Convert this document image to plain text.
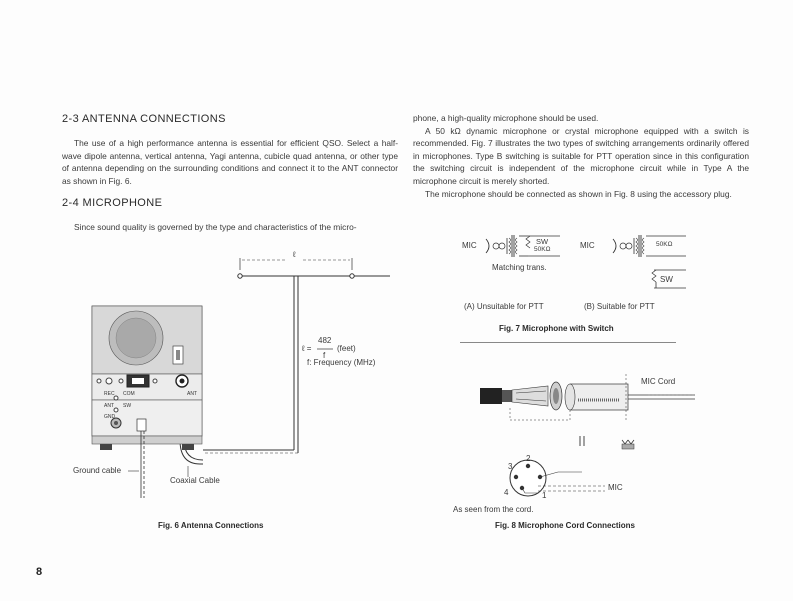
2-3 ANTENNA CONNECTIONS

The use of a high performance antenna is essential for efficient QSO. Select a half-wave dipole antenna, vertical antenna, Yagi antenna, cubicle quad antenna, or other type of antenna depending on the surrounding conditions and connect it to the ANT connector as shown in Fig. 6.

2-4 MICROPHONE

Since sound quality is governed by the type and characteristics of the micro-

phone, a high-quality microphone should be used.

A 50 kΩ dynamic microphone or crystal microphone equipped with a switch is recommended. Fig. 7 illustrates the two types of switching arrangements ordinarily offered in microphones. Type B switching is suitable for PTT operation since in this configuration the switching circuit is independent of the microphone circuit while in Type A the microphone circuit is merely shorted.

The microphone should be connected as shown in Fig. 8 using the accessory plug.

ℓ
ℓ =
482
f
(feet)
f: Frequency (MHz)
REC COM
ANT SW
GND
ANT
Ground cable
Coaxial Cable
Fig. 6 Antenna Connections
MIC	SW
50KΩ
Matching trans.
MIC	50KΩ
SW
(A) Unsuitable for PTT	(B) Suitable for PTT
Fig. 7 Microphone with Switch
MIC Cord
2
3
4	1
MIC
As seen from the cord.
Fig. 8 Microphone Cord Connections
8
